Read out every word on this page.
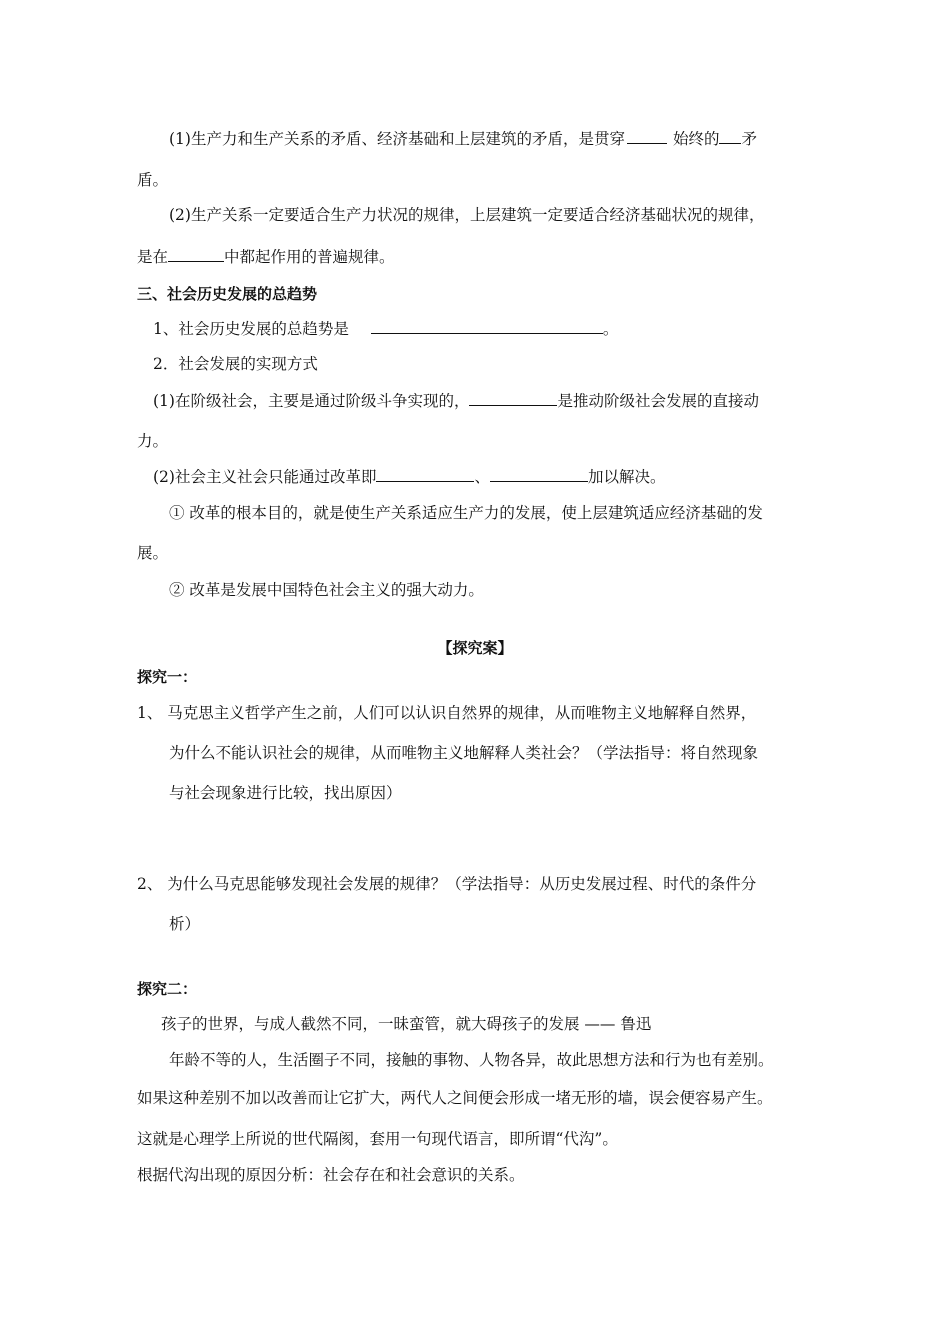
(1)生产力和生产关系的矛盾、经济基础和上层建筑的矛盾，是贯穿	始终的 矛
盾。
(2)生产关系一定要适合生产力状况的规律，上层建筑一定要适合经济基础状况的规律，
是在	中都起作用的普遍规律。
三、社会历史发展的总趋势
1、社会历史发展的总趋势是	。
2．社会发展的实现方式
(1)在阶级社会，主要是通过阶级斗争实现的，	是推动阶级社会发展的直接动
力。
(2)社会主义社会只能通过改革即	、	加以解决。
① 改革的根本目的，就是使生产关系适应生产力的发展，使上层建筑适应经济基础的发
展。
② 改革是发展中国特色社会主义的强大动力。
【探究案】
探究一：
1、 马克思主义哲学产生之前，人们可以认识自然界的规律，从而唯物主义地解释自然界，
为什么不能认识社会的规律，从而唯物主义地解释人类社会？（学法指导：将自然现象
与社会现象进行比较，找出原因）
2、 为什么马克思能够发现社会发展的规律？（学法指导：从历史发展过程、时代的条件分
析）
探究二：
孩子的世界，与成人截然不同，一昧蛮管，就大碍孩子的发展 —— 鲁迅
年龄不等的人，生活圈子不同，接触的事物、人物各异，故此思想方法和行为也有差别。
如果这种差别不加以改善而让它扩大，两代人之间便会形成一堵无形的墙，误会便容易产生。
这就是心理学上所说的世代隔阂，套用一句现代语言，即所谓“代沟”。
根据代沟出现的原因分析：社会存在和社会意识的关系。
